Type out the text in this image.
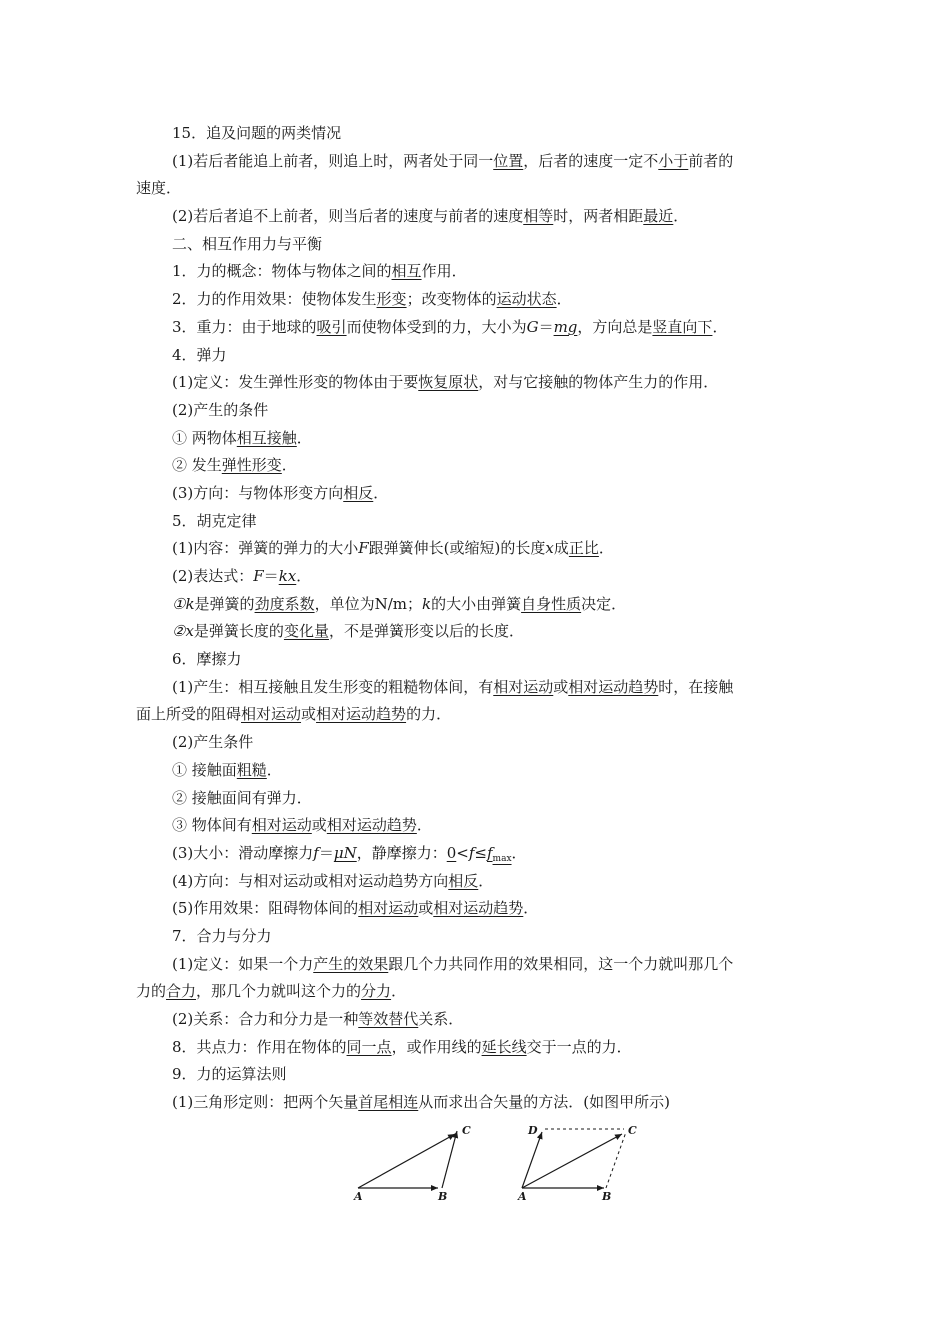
15．追及问题的两类情况
(1)若后者能追上前者，则追上时，两者处于同一位置，后者的速度一定不小于前者的
速度．
(2)若后者追不上前者，则当后者的速度与前者的速度相等时，两者相距最近．
二、相互作用力与平衡
1．力的概念：物体与物体之间的相互作用．
2．力的作用效果：使物体发生形变；改变物体的运动状态．
3．重力：由于地球的吸引而使物体受到的力，大小为G＝mg，方向总是竖直向下．
4．弹力
(1)定义：发生弹性形变的物体由于要恢复原状，对与它接触的物体产生力的作用．
(2)产生的条件
① 两物体相互接触．
② 发生弹性形变．
(3)方向：与物体形变方向相反．
5．胡克定律
(1)内容：弹簧的弹力的大小F跟弹簧伸长(或缩短)的长度x成正比．
(2)表达式：F＝kx．
①k是弹簧的劲度系数，单位为N/m；k的大小由弹簧自身性质决定．
②x是弹簧长度的变化量，不是弹簧形变以后的长度．
6．摩擦力
(1)产生：相互接触且发生形变的粗糙物体间，有相对运动或相对运动趋势时，在接触
面上所受的阻碍相对运动或相对运动趋势的力．
(2)产生条件
① 接触面粗糙．
② 接触面间有弹力．
③ 物体间有相对运动或相对运动趋势．
(3)大小：滑动摩擦力f＝μN，静摩擦力：$0<f\le f_{max}$．
(4)方向：与相对运动或相对运动趋势方向相反．
(5)作用效果：阻碍物体间的相对运动或相对运动趋势．
7．合力与分力
(1)定义：如果一个力产生的效果跟几个力共同作用的效果相同，这一个力就叫那几个
力的合力，那几个力就叫这个力的分力．
(2)关系：合力和分力是一种等效替代关系．
8．共点力：作用在物体的同一点，或作用线的延长线交于一点的力．
9．力的运算法则
(1)三角形定则：把两个矢量首尾相连从而求出合矢量的方法．(如图甲所示)
A	B
C	D	C
A	B
